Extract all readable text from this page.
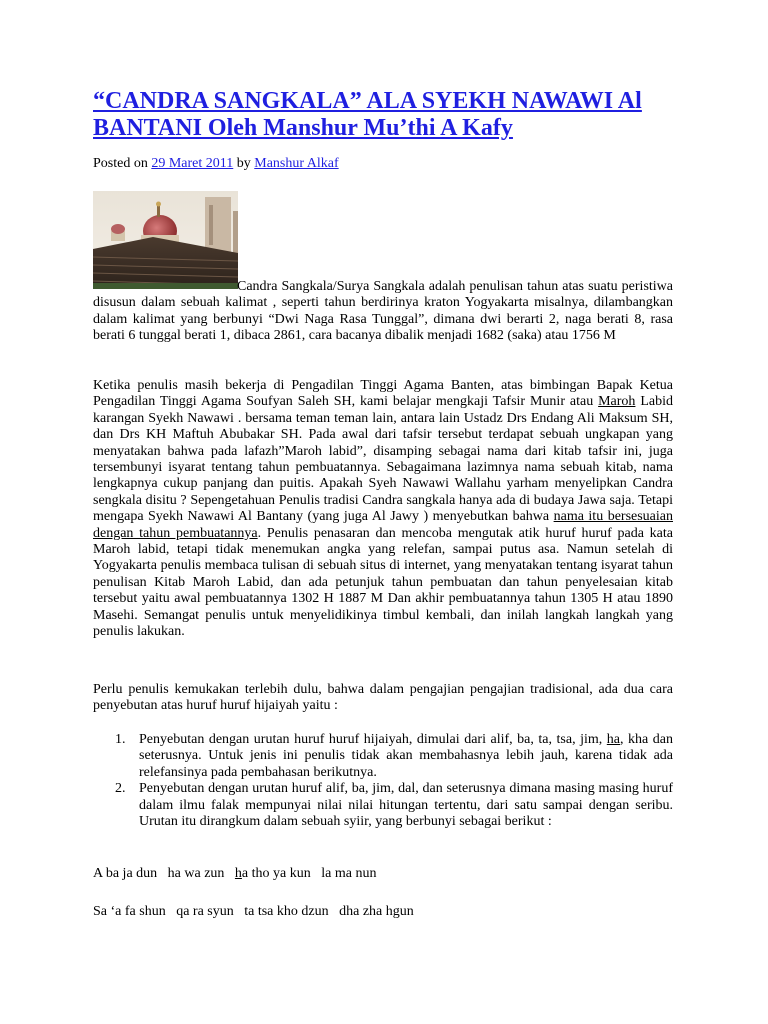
“CANDRA SANGKALA” ALA SYEKH NAWAWI Al BANTANI Oleh Manshur Mu’thi A Kafy
Posted on 29 Maret 2011 by Manshur Alkaf
Candra Sangkala/Surya Sangkala adalah penulisan tahun atas suatu peristiwa disusun dalam sebuah kalimat , seperti tahun berdirinya kraton Yogyakarta misalnya, dilambangkan dalam kalimat yang berbunyi “Dwi Naga Rasa Tunggal”, dimana dwi berarti 2, naga berati 8, rasa berati 6 tunggal berati 1, dibaca 2861, cara bacanya dibalik menjadi 1682 (saka) atau 1756 M
Ketika penulis masih bekerja di Pengadilan Tinggi Agama Banten, atas bimbingan Bapak Ketua Pengadilan Tinggi Agama Soufyan Saleh SH, kami belajar mengkaji Tafsir Munir atau Maroh Labid karangan Syekh Nawawi . bersama teman teman lain, antara lain Ustadz Drs Endang Ali Maksum SH, dan Drs KH Maftuh Abubakar SH. Pada awal dari tafsir tersebut terdapat sebuah ungkapan yang menyatakan bahwa pada lafazh”Maroh labid”, disamping sebagai nama dari kitab tafsir ini, juga tersembunyi isyarat tentang tahun pembuatannya. Sebagaimana lazimnya nama sebuah kitab, nama lengkapnya cukup panjang dan puitis. Apakah Syeh Nawawi Wallahu yarham menyelipkan Candra sengkala disitu ? Sepengetahuan Penulis tradisi Candra sangkala hanya ada di budaya Jawa saja. Tetapi mengapa Syekh Nawawi Al Bantany (yang juga Al Jawy ) menyebutkan bahwa nama itu bersesuaian dengan tahun pembuatannya. Penulis penasaran dan mencoba mengutak atik huruf huruf pada kata Maroh labid, tetapi tidak menemukan angka yang relefan, sampai putus asa. Namun setelah di Yogyakarta penulis membaca tulisan di sebuah situs di internet, yang menyatakan tentang isyarat tahun penulisan Kitab Maroh Labid, dan ada petunjuk tahun pembuatan dan tahun penyelesaian kitab tersebut yaitu awal pembuatannya 1302 H 1887 M Dan akhir pembuatannya tahun 1305 H atau 1890 Masehi. Semangat penulis untuk menyelidikinya timbul kembali, dan inilah langkah langkah yang penulis lakukan.
Perlu penulis kemukakan terlebih dulu, bahwa dalam pengajian pengajian tradisional, ada dua cara penyebutan atas huruf huruf hijaiyah yaitu :
1. Penyebutan dengan urutan huruf huruf hijaiyah, dimulai dari alif, ba, ta, tsa, jim, ha, kha dan seterusnya. Untuk jenis ini penulis tidak akan membahasnya lebih jauh, karena tidak ada relefansinya pada pembahasan berikutnya.
2. Penyebutan dengan urutan huruf alif, ba, jim, dal, dan seterusnya dimana masing masing huruf dalam ilmu falak mempunyai nilai nilai hitungan tertentu, dari satu sampai dengan seribu. Urutan itu dirangkum dalam sebuah syiir, yang berbunyi sebagai berikut :
A ba ja dun   ha wa zun   ha tho ya kun   la ma nun
Sa ‘a fa shun   qa ra syun   ta tsa kho dzun   dha zha hgun
